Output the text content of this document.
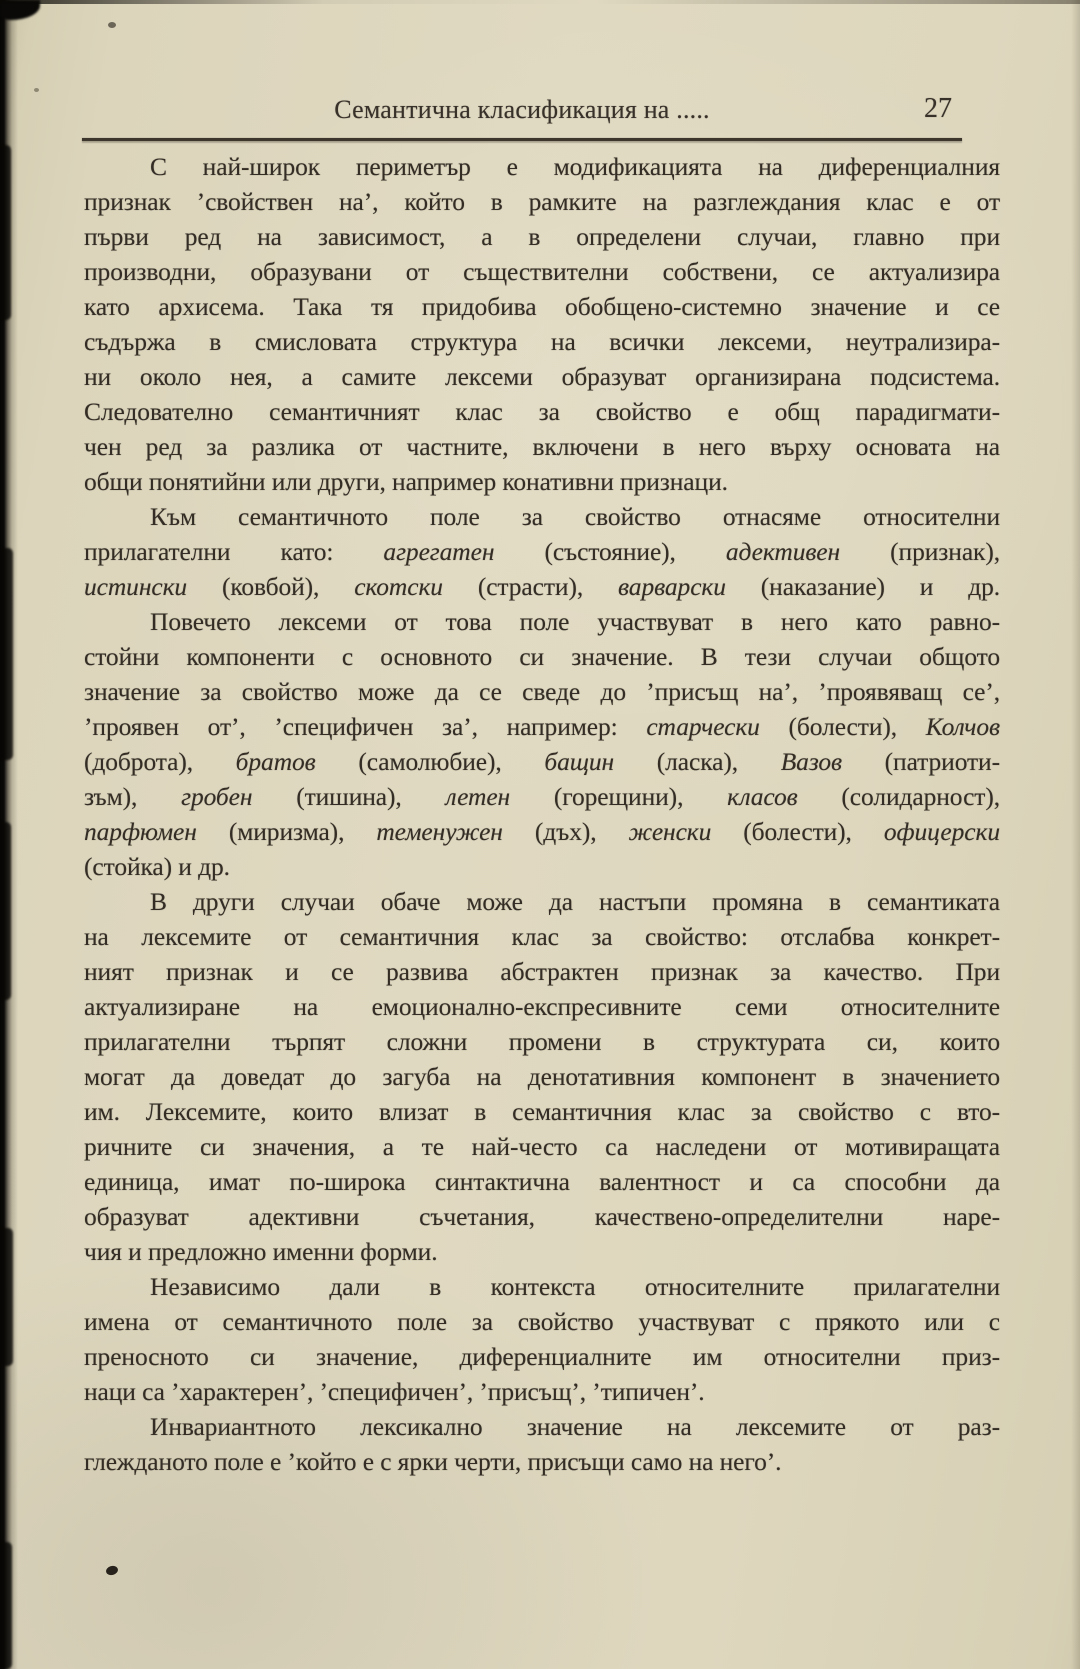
Семантична класификация на .....	27

С най-широк периметър е модификацията на диференциалния
признак ’свойствен на’, който в рамките на разглеждания клас е от
първи ред на зависимост, а в определени случаи, главно при
производни, образувани от съществителни собствени, се актуализира
като архисема. Така тя придобива обобщено-системно значение и се
съдържа в смисловата структура на всички лексеми, неутрализира-
ни около нея, а самите лексеми образуват организирана подсистема.
Следователно семантичният клас за свойство е общ парадигмати-
чен ред за разлика от частните, включени в него върху основата на
общи понятийни или други, например конативни признаци.

Към семантичното поле за свойство отнасяме относителни
прилагателни като: агрегатен (състояние), адективен (признак),
истински (ковбой), скотски (страсти), варварски (наказание) и др.

Повечето лексеми от това поле участвуват в него като равно-
стойни компоненти с основното си значение. В тези случаи общото
значение за свойство може да се сведе до ’присъщ на’, ’проявяващ се’,
’проявен от’, ’специфичен за’, например: старчески (болести), Колчов
(доброта), братов (самолюбие), бащин (ласка), Вазов (патриоти-
зъм), гробен (тишина), летен (горещини), класов (солидарност),
парфюмен (миризма), теменужен (дъх), женски (болести), офицерски
(стойка) и др.

В други случаи обаче може да настъпи промяна в семантиката
на лексемите от семантичния клас за свойство: отслабва конкрет-
ният признак и се развива абстрактен признак за качество. При
актуализиране на емоционално-експресивните семи относителните
прилагателни търпят сложни промени в структурата си, които
могат да доведат до загуба на денотативния компонент в значението
им. Лексемите, които влизат в семантичния клас за свойство с вто-
ричните си значения, а те най-често са наследени от мотивиращата
единица, имат по-широка синтактична валентност и са способни да
образуват адективни съчетания, качествено-определителни наре-
чия и предложно именни форми.

Независимо дали в контекста относителните прилагателни
имена от семантичното поле за свойство участвуват с прякото или с
преносното си значение, диференциалните им относителни приз-
наци са ’характерен’, ’специфичен’, ’присъщ’, ’типичен’.

Инвариантното лексикално значение на лексемите от раз-
глежданото поле е ’който е с ярки черти, присъщи само на него’.
